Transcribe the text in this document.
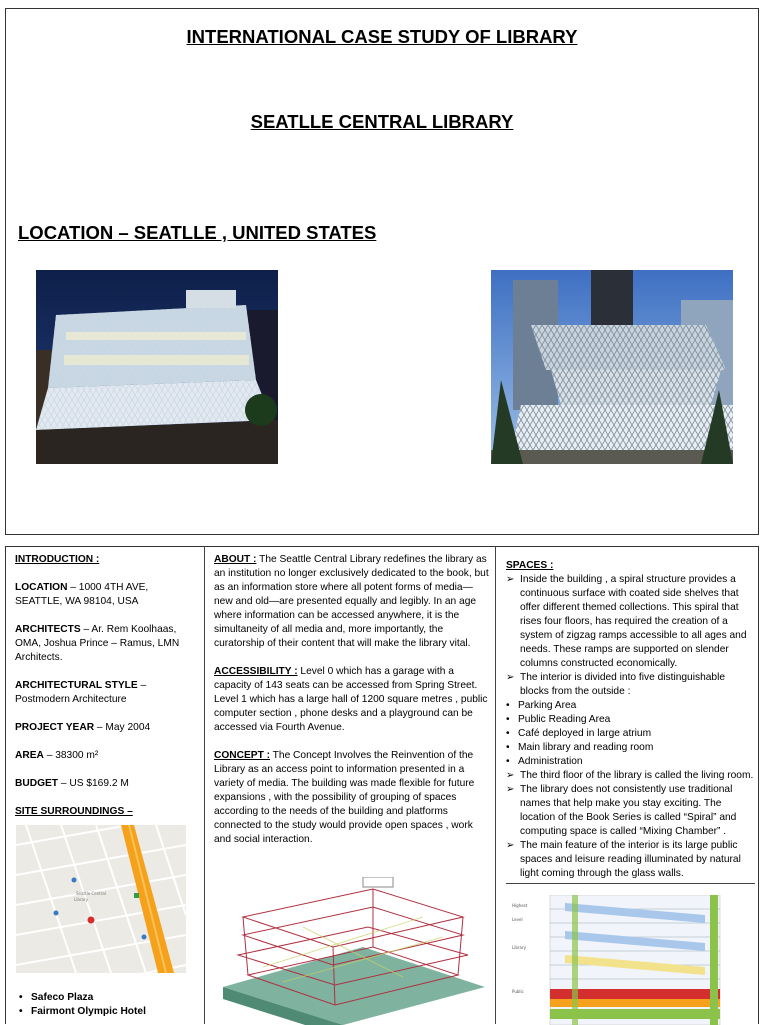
INTERNATIONAL CASE STUDY OF LIBRARY
SEATLLE CENTRAL LIBRARY
LOCATION – SEATLLE , UNITED STATES

INTRODUCTION :

LOCATION – 1000 4TH AVE, SEATTLE, WA 98104, USA

ARCHITECTS – Ar. Rem Koolhaas, OMA, Joshua Prince – Ramus, LMN Architects.

ARCHITECTURAL STYLE – Postmodern Architecture

PROJECT YEAR – May 2004

AREA – 38300 m²

BUDGET – US $169.2 M

SITE SURROUNDINGS –

Seattle Central
Library
• Safeco Plaza
• Fairmont Olympic Hotel

ABOUT : The Seattle Central Library redefines the library as an institution no longer exclusively dedicated to the book, but as an information store where all potent forms of media—new and old—are presented equally and legibly. In an age where information can be accessed anywhere, it is the simultaneity of all media and, more importantly, the curatorship of their content that will make the library vital.

ACCESSIBILITY : Level 0 which has a garage with a capacity of 143 seats can be accessed from Spring Street.

Level 1 which has a large hall of 1200 square metres , public computer section , phone desks and a playground can be accessed via Fourth Avenue.

CONCEPT : The Concept Involves the Reinvention of the Library as an access point to information presented in a variety of media. The building was made flexible for future expansions , with the possibility of grouping of spaces according to the needs of the building and platforms connected to the study would provide open spaces , work and social interaction.

SPACES :
➢ Inside the building , a spiral structure provides a continuous surface with coated side shelves that offer different themed collections. This spiral that rises four floors, has required the creation of a system of zigzag ramps accessible to all ages and needs. These ramps are supported on slender columns constructed economically.
➢ The interior is divided into five distinguishable blocks from the outside :
• Parking Area
• Public Reading Area
• Café deployed in large atrium
• Main library and reading room
• Administration
➢ The third floor of the library is called the living room.
➢ The library does not consistently use traditional names that help make you stay exciting. The location of the Book Series is called “Spiral” and computing space is called “Mixing Chamber” .
➢ The main feature of the interior is its large public spaces and leisure reading illuminated by natural light coming through the glass walls.
Highest
Level
Library
Public
